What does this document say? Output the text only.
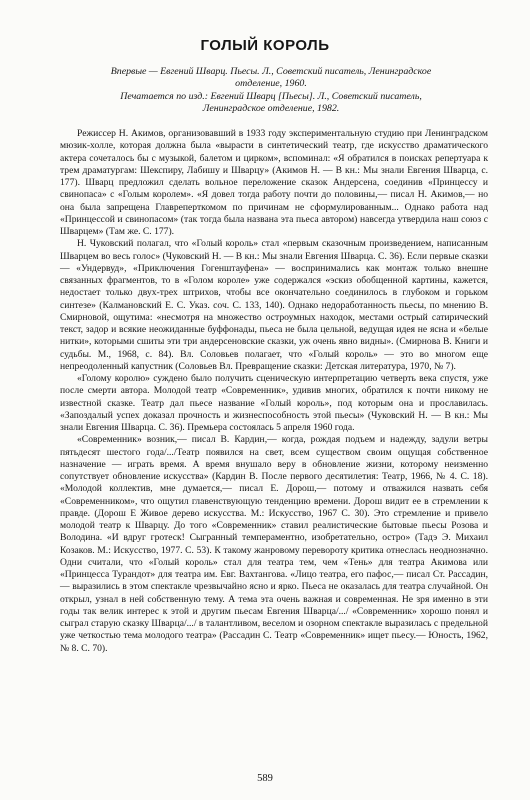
ГОЛЫЙ КОРОЛЬ
Впервые — Евгений Шварц. Пьесы. Л., Советский писатель, Ленинградское отделение, 1960.
Печатается по изд.: Евгений Шварц [Пьесы]. Л., Советский писатель, Ленинградское отделение, 1982.

Режиссер Н. Акимов, организовавший в 1933 году экспериментальную студию при Ленинградском мюзик-холле, которая должна была «вырасти в синтетический театр, где искусство драматического актера сочеталось бы с музыкой, балетом и цирком», вспоминал: «Я обратился в поисках репертуара к трем драматургам: Шекспиру, Лабишу и Шварцу» (Акимов Н. — В кн.: Мы знали Евгения Шварца, с. 177). Шварц предложил сделать вольное переложение сказок Андерсена, соединив «Принцессу и свинопаса» с «Голым королем». «Я довел тогда работу почти до половины,— писал Н. Акимов,— но она была запрещена Главреперткомом по причинам не сформулированным... Однако работа над «Принцессой и свинопасом» (так тогда была названа эта пьеса автором) навсегда утвердила наш союз с Шварцем» (Там же. С. 177).

Н. Чуковский полагал, что «Голый король» стал «первым сказочным произведением, написанным Шварцем во весь голос» (Чуковский Н. — В кн.: Мы знали Евгения Шварца. С. 36). Если первые сказки — «Ундервуд», «Приключения Гогенштауфена» — воспринимались как монтаж только внешне связанных фрагментов, то в «Голом короле» уже содержался «эскиз обобщенной картины, кажется, недостает только двух-трех штрихов, чтобы все окончательно соединилось в глубоком и горьком синтезе» (Калмановский Е. С. Указ. соч. С. 133, 140). Однако недоработанность пьесы, по мнению В. Смирновой, ощутима: «несмотря на множество остроумных находок, местами острый сатирический текст, задор и всякие неожиданные буффонады, пьеса не была цельной, ведущая идея не ясна и «белые нитки», которыми сшиты эти три андерсеновские сказки, уж очень явно видны». (Смирнова В. Книги и судьбы. М., 1968, с. 84). Вл. Соловьев полагает, что «Голый король» — это во многом еще непреодоленный капустник (Соловьев Вл. Превращение сказки: Детская литература, 1970, № 7).

«Голому королю» суждено было получить сценическую интерпретацию четверть века спустя, уже после смерти автора. Молодой театр «Современник», удивив многих, обратился к почти никому не известной сказке. Театр дал пьесе название «Голый король», под которым она и прославилась. «Запоздалый успех доказал прочность и жизнеспособность этой пьесы» (Чуковский Н. — В кн.: Мы знали Евгения Шварца. С. 36). Премьера состоялась 5 апреля 1960 года.

«Современник» возник,— писал В. Кардин,— когда, рождая подъем и надежду, задули ветры пятьдесят шестого года/.../Театр появился на свет, всем существом своим ощущая собственное назначение — играть время. А время внушало веру в обновление жизни, которому неизменно сопутствует обновление искусства» (Кардин В. После первого десятилетия: Театр, 1966, № 4. С. 18). «Молодой коллектив, мне думается,— писал Е. Дорош,— потому и отважился назвать себя «Современником», что ощутил главенствующую тенденцию времени. Дорош видит ее в стремлении к правде. (Дорош Е Живое дерево искусства. М.: Искусство, 1967 С. 30). Это стремление и привело молодой театр к Шварцу. До того «Современник» ставил реалистические бытовые пьесы Розова и Володина. «И вдруг гротеск! Сыгранный темпераментно, изобретательно, остро» (Тадэ Э. Михаил Козаков. М.: Искусство, 1977. С. 53). К такому жанровому перевороту критика отнеслась неоднозначно. Одни считали, что «Голый король» стал для театра тем, чем «Тень» для театра Акимова или «Принцесса Турандот» для театра им. Евг. Вахтангова. «Лицо театра, его пафос,— писал Ст. Рассадин,— выразились в этом спектакле чрезвычайно ясно и ярко. Пьеса не оказалась для театра случайной. Он открыл, узнал в ней собственную тему. А тема эта очень важная и современная. Не зря именно в эти годы так велик интерес к этой и другим пьесам Евгения Шварца/.../ «Современник» хорошо понял и сыграл старую сказку Шварца/.../ в талантливом, веселом и озорном спектакле выразилась с предельной уже четкостью тема молодого театра» (Рассадин С. Театр «Современник» ищет пьесу.— Юность, 1962, № 8. С. 70).

589
